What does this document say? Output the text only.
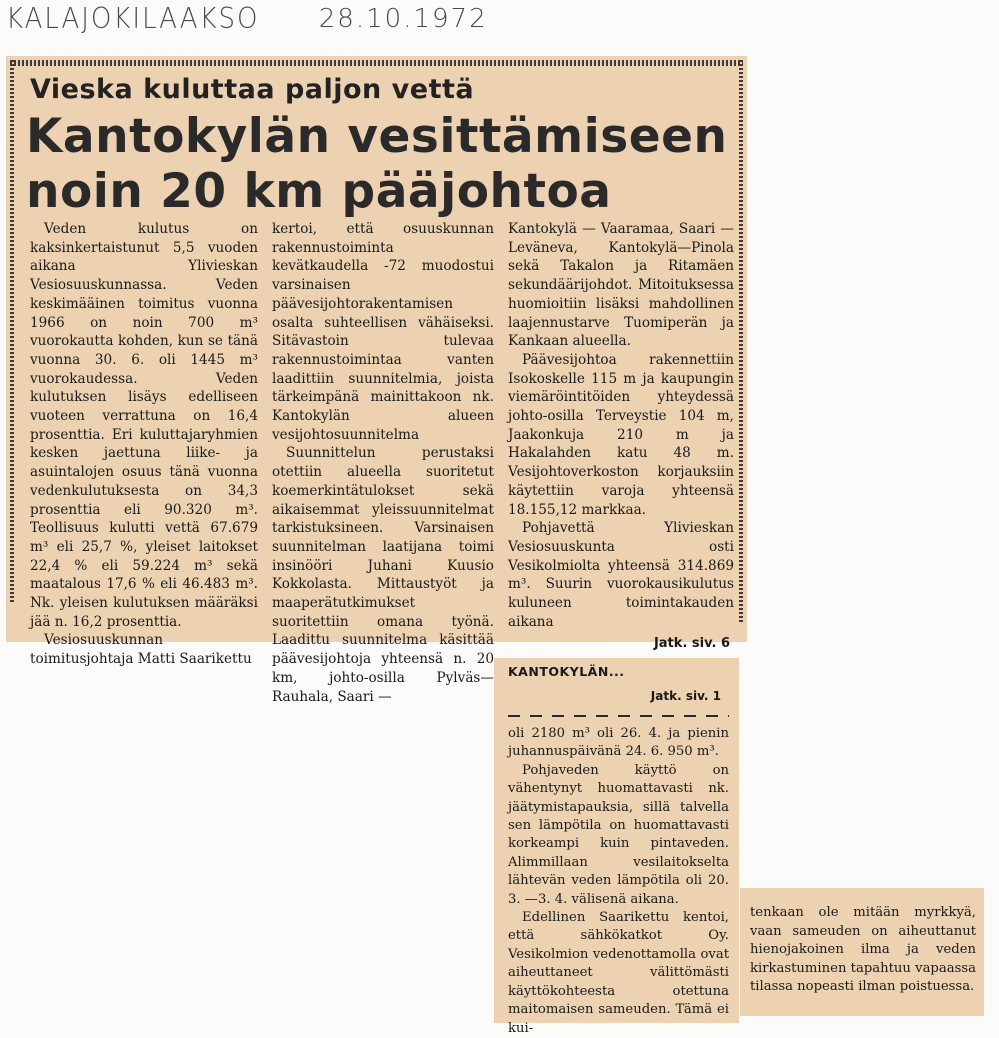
KALAJOKILAAKSO 28.10.1972
Vieska kuluttaa paljon vettä
Kantokylän vesittämiseen noin 20 km pääjohtoa

Veden kulutus on kaksinkertaistunut 5,5 vuoden aikana Ylivieskan Vesiosuuskunnassa. Veden keskimääinen toimitus vuonna 1966 on noin 700 m³ vuorokautta kohden, kun se tänä vuonna 30. 6. oli 1445 m³ vuorokaudessa. Veden kulutuksen lisäys edelliseen vuoteen verrattuna on 16,4 prosenttia. Eri kuluttajaryhmien kesken jaettuna liike- ja asuintalojen osuus tänä vuonna vedenkulutuksesta on 34,3 prosenttia eli 90.320 m³. Teollisuus kulutti vettä 67.679 m³ eli 25,7 %, yleiset laitokset 22,4 % eli 59.224 m³ sekä maatalous 17,6 % eli 46.483 m³. Nk. yleisen kulutuksen määräksi jää n. 16,2 prosenttia.

Vesiosuuskunnan toimitusjohtaja Matti Saarikettu

kertoi, että osuuskunnan rakennustoiminta kevätkaudella -72 muodostui varsinaisen päävesijohtorakentamisen osalta suhteellisen vähäiseksi. Sitävastoin tulevaa rakennustoimintaa vanten laadittiin suunnitelmia, joista tärkeimpänä mainittakoon nk. Kantokylän alueen vesijohtosuunnitelma

Suunnittelun perustaksi otettiin alueella suoritetut koemerkintätulokset sekä aikaisemmat yleissuunnitelmat tarkistuksineen. Varsinaisen suunnitelman laatijana toimi insinööri Juhani Kuusio Kokkolasta. Mittaustyöt ja maaperätutkimukset suoritettiin omana työnä. Laadittu suunnitelma käsittää päävesijohtoja yhteensä n. 20 km, johto-osilla Pylväs—Rauhala, Saari —

Kantokylä — Vaaramaa, Saari —Leväneva, Kantokylä—Pinola sekä Takalon ja Ritamäen sekundäärijohdot. Mitoituksessa huomioitiin lisäksi mahdollinen laajennustarve Tuomiperän ja Kankaan alueella.

Päävesijohtoa rakennettiin Isokoskelle 115 m ja kaupungin viemäröintitöiden yhteydessä johto-osilla Terveystie 104 m, Jaakonkuja 210 m ja Hakalahden katu 48 m. Vesijohtoverkoston korjauksiin käytettiin varoja yhteensä 18.155,12 markkaa.

Pohjavettä Ylivieskan Vesiosuuskunta osti Vesikolmiolta yhteensä 314.869 m³. Suurin vuorokausikulutus kuluneen toimintakauden aikana

Jatk. siv. 6
KANTOKYLÄN...
Jatk. siv. 1

oli 2180 m³ oli 26. 4. ja pienin juhannuspäivänä 24. 6. 950 m³.

Pohjaveden käyttö on vähentynyt huomattavasti nk. jäätymistapauksia, sillä talvella sen lämpötila on huomattavasti korkeampi kuin pintaveden. Alimmillaan vesilaitokselta lähtevän veden lämpötila oli 20. 3. —3. 4. välisenä aikana.

Edellinen Saarikettu kentoi, että sähkökatkot Oy. Vesikolmion vedenottamolla ovat aiheuttaneet välittömästi käyttökohteesta otettuna maitomaisen sameuden. Tämä ei kui-

tenkaan ole mitään myrkkyä, vaan sameuden on aiheuttanut hienojakoinen ilma ja veden kirkastuminen tapahtuu vapaassa tilassa nopeasti ilman poistuessa.
